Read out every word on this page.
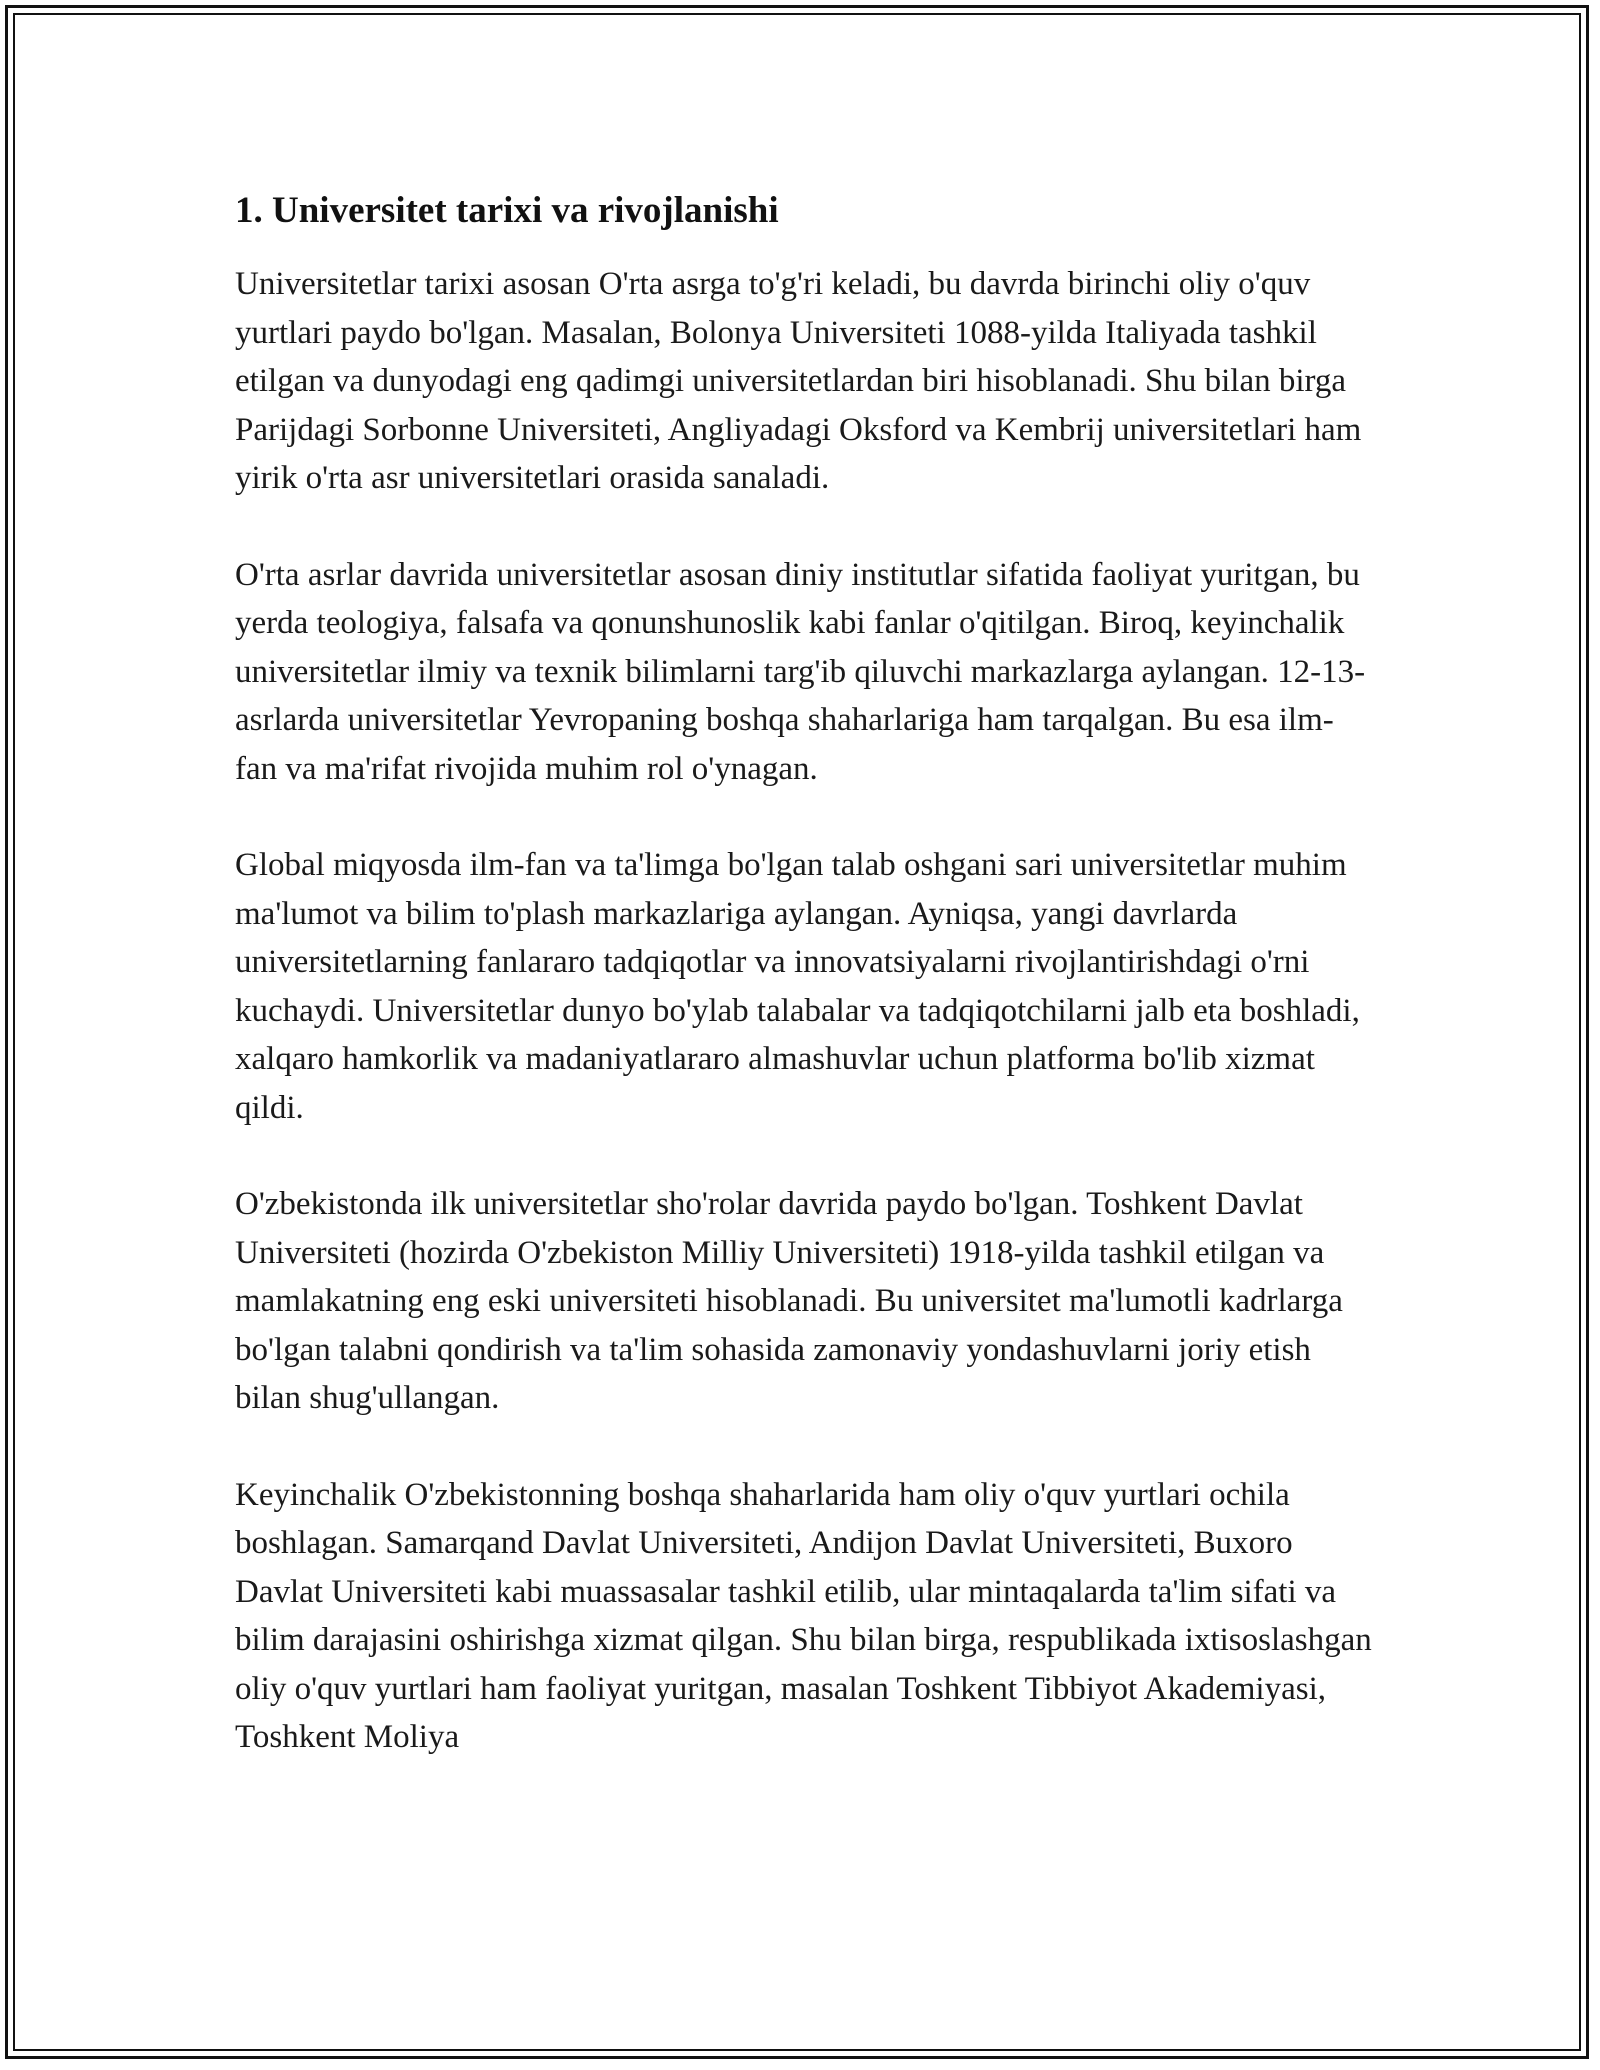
1. Universitet tarixi va rivojlanishi

Universitetlar tarixi asosan O'rta asrga to'g'ri keladi, bu davrda birinchi oliy o'quv yurtlari paydo bo'lgan. Masalan, Bolonya Universiteti 1088-yilda Italiyada tashkil etilgan va dunyodagi eng qadimgi universitetlardan biri hisoblanadi. Shu bilan birga Parijdagi Sorbonne Universiteti, Angliyadagi Oksford va Kembrij universitetlari ham yirik o'rta asr universitetlari orasida sanaladi.

O'rta asrlar davrida universitetlar asosan diniy institutlar sifatida faoliyat yuritgan, bu yerda teologiya, falsafa va qonunshunoslik kabi fanlar o'qitilgan. Biroq, keyinchalik universitetlar ilmiy va texnik bilimlarni targ'ib qiluvchi markazlarga aylangan. 12-13-asrlarda universitetlar Yevropaning boshqa shaharlariga ham tarqalgan. Bu esa ilm-fan va ma'rifat rivojida muhim rol o'ynagan.

Global miqyosda ilm-fan va ta'limga bo'lgan talab oshgani sari universitetlar muhim ma'lumot va bilim to'plash markazlariga aylangan. Ayniqsa, yangi davrlarda universitetlarning fanlararo tadqiqotlar va innovatsiyalarni rivojlantirishdagi o'rni kuchaydi. Universitetlar dunyo bo'ylab talabalar va tadqiqotchilarni jalb eta boshladi, xalqaro hamkorlik va madaniyatlararo almashuvlar uchun platforma bo'lib xizmat qildi.

O'zbekistonda ilk universitetlar sho'rolar davrida paydo bo'lgan. Toshkent Davlat Universiteti (hozirda O'zbekiston Milliy Universiteti) 1918-yilda tashkil etilgan va mamlakatning eng eski universiteti hisoblanadi. Bu universitet ma'lumotli kadrlarga bo'lgan talabni qondirish va ta'lim sohasida zamonaviy yondashuvlarni joriy etish bilan shug'ullangan.

Keyinchalik O'zbekistonning boshqa shaharlarida ham oliy o'quv yurtlari ochila boshlagan. Samarqand Davlat Universiteti, Andijon Davlat Universiteti, Buxoro Davlat Universiteti kabi muassasalar tashkil etilib, ular mintaqalarda ta'lim sifati va bilim darajasini oshirishga xizmat qilgan. Shu bilan birga, respublikada ixtisoslashgan oliy o'quv yurtlari ham faoliyat yuritgan, masalan Toshkent Tibbiyot Akademiyasi, Toshkent Moliya
